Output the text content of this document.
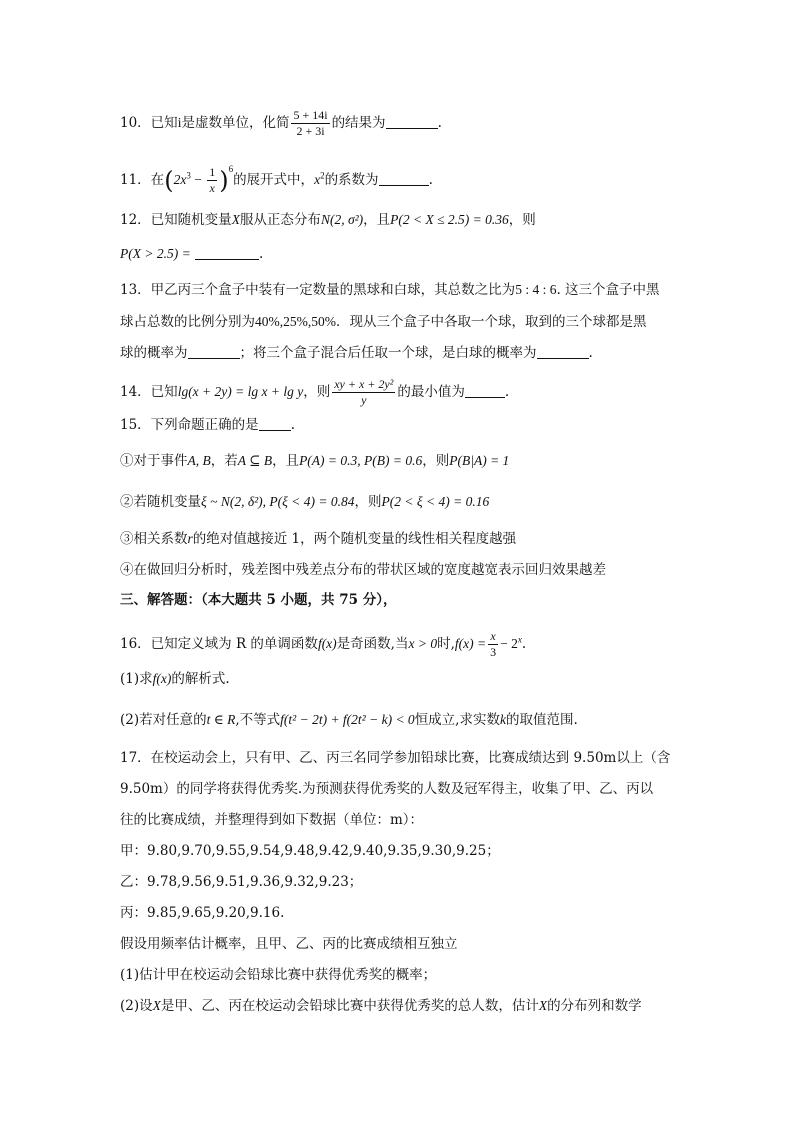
10．已知i是虚数单位，化简 $\frac{5 + 14i}{2 + 3i}$ 的结果为	.
11．在$(2x^3 - \frac{1}{x} )^6$的展开式中，$x^2$的系数为	.
12．已知随机变量X服从正态分布N(2, σ²)，且P(2 < X ≤ 2.5) = 0.36，则
P(X > 2.5) =	.
13．甲乙丙三个盒子中装有一定数量的黑球和白球，其总数之比为5 : 4 : 6. 这三个盒子中黑
球占总数的比例分别为40%,25%,50%．现从三个盒子中各取一个球，取到的三个球都是黑
球的概率为	；将三个盒子混合后任取一个球，是白球的概率为	.
14．已知lg(x + 2y) = lg x + lg y，则 $\frac{\text{xy + x + 2y²}}{y}$ 的最小值为	.
15．下列命题正确的是 .
①对于事件A, B，若A ⊆ B，且P(A) = 0.3, P(B) = 0.6，则P(B|A) = 1
②若随机变量ξ ~ N(2, δ²), P(ξ < 4) = 0.84，则P(2 < ξ < 4) = 0.16
③相关系数r的绝对值越接近 1，两个随机变量的线性相关程度越强
④在做回归分析时，残差图中残差点分布的带状区域的宽度越宽表示回归效果越差
三、解答题：（本大题共 5 小题，共 75 分），
16．已知定义域为 R 的单调函数f(x)是奇函数,当x > 0时$,f(x) = \frac{x}{3} - 2^x$.
(1)求f(x)的解析式.
(2)若对任意的t ∈ R,不等式f(t² − 2t) + f(2t² − k) < 0恒成立,求实数k的取值范围.
17．在校运动会上，只有甲、乙、丙三名同学参加铅球比赛，比赛成绩达到 9.50m以上（含
9.50m）的同学将获得优秀奖.为预测获得优秀奖的人数及冠军得主，收集了甲、乙、丙以
往的比赛成绩，并整理得到如下数据（单位：m）：
甲：9.80,9.70,9.55,9.54,9.48,9.42,9.40,9.35,9.30,9.25；
乙：9.78,9.56,9.51,9.36,9.32,9.23；
丙：9.85,9.65,9.20,9.16.
假设用频率估计概率，且甲、乙、丙的比赛成绩相互独立
(1)估计甲在校运动会铅球比赛中获得优秀奖的概率；
(2)设X是甲、乙、丙在校运动会铅球比赛中获得优秀奖的总人数，估计X的分布列和数学
